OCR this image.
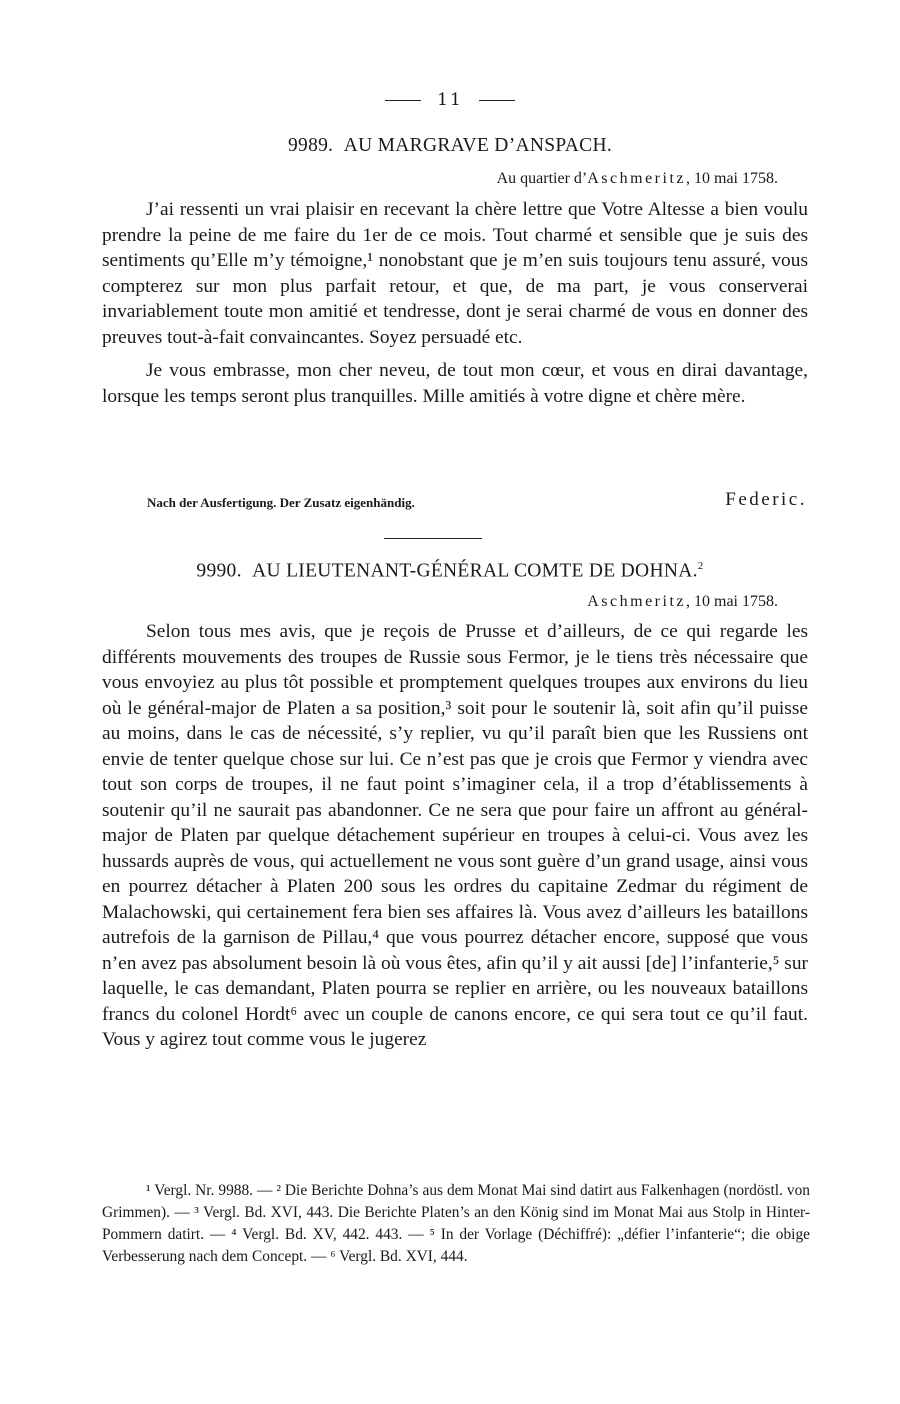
11
9989. AU MARGRAVE D’ANSPACH.
Au quartier d’Aschmeritz, 10 mai 1758.

J’ai ressenti un vrai plaisir en recevant la chère lettre que Votre Altesse a bien voulu prendre la peine de me faire du 1er de ce mois. Tout charmé et sensible que je suis des sentiments qu’Elle m’y témoigne,¹ nonobstant que je m’en suis toujours tenu assuré, vous compterez sur mon plus parfait retour, et que, de ma part, je vous conserverai invariablement toute mon amitié et tendresse, dont je serai charmé de vous en donner des preuves tout-à-fait convaincantes. Soyez persuadé etc.

Je vous embrasse, mon cher neveu, de tout mon cœur, et vous en dirai davantage, lorsque les temps seront plus tranquilles. Mille amitiés à votre digne et chère mère.

Nach der Ausfertigung. Der Zusatz eigenhändig.	Federic.
9990. AU LIEUTENANT-GÉNÉRAL COMTE DE DOHNA.$^2$
Aschmeritz, 10 mai 1758.

Selon tous mes avis, que je reçois de Prusse et d’ailleurs, de ce qui regarde les différents mouvements des troupes de Russie sous Fermor, je le tiens très nécessaire que vous envoyiez au plus tôt possible et promptement quelques troupes aux environs du lieu où le général-major de Platen a sa position,³ soit pour le soutenir là, soit afin qu’il puisse au moins, dans le cas de nécessité, s’y replier, vu qu’il paraît bien que les Russiens ont envie de tenter quelque chose sur lui. Ce n’est pas que je crois que Fermor y viendra avec tout son corps de troupes, il ne faut point s’imaginer cela, il a trop d’établissements à soutenir qu’il ne saurait pas abandonner. Ce ne sera que pour faire un affront au général-major de Platen par quelque détachement supérieur en troupes à celui-ci. Vous avez les hussards auprès de vous, qui actuellement ne vous sont guère d’un grand usage, ainsi vous en pourrez détacher à Platen 200 sous les ordres du capitaine Zedmar du régiment de Malachowski, qui certainement fera bien ses affaires là. Vous avez d’ailleurs les bataillons autrefois de la garnison de Pillau,⁴ que vous pourrez détacher encore, supposé que vous n’en avez pas absolument besoin là où vous êtes, afin qu’il y ait aussi [de] l’infanterie,⁵ sur laquelle, le cas demandant, Platen pourra se replier en arrière, ou les nouveaux bataillons francs du colonel Hordt⁶ avec un couple de canons encore, ce qui sera tout ce qu’il faut. Vous y agirez tout comme vous le jugerez

¹ Vergl. Nr. 9988. — ² Die Berichte Dohna’s aus dem Monat Mai sind datirt aus Falkenhagen (nordöstl. von Grimmen). — ³ Vergl. Bd. XVI, 443. Die Berichte Platen’s an den König sind im Monat Mai aus Stolp in Hinter-Pommern datirt. — ⁴ Vergl. Bd. XV, 442. 443. — ⁵ In der Vorlage (Déchiffré): „défier l’infanterie“; die obige Verbesserung nach dem Concept. — ⁶ Vergl. Bd. XVI, 444.
